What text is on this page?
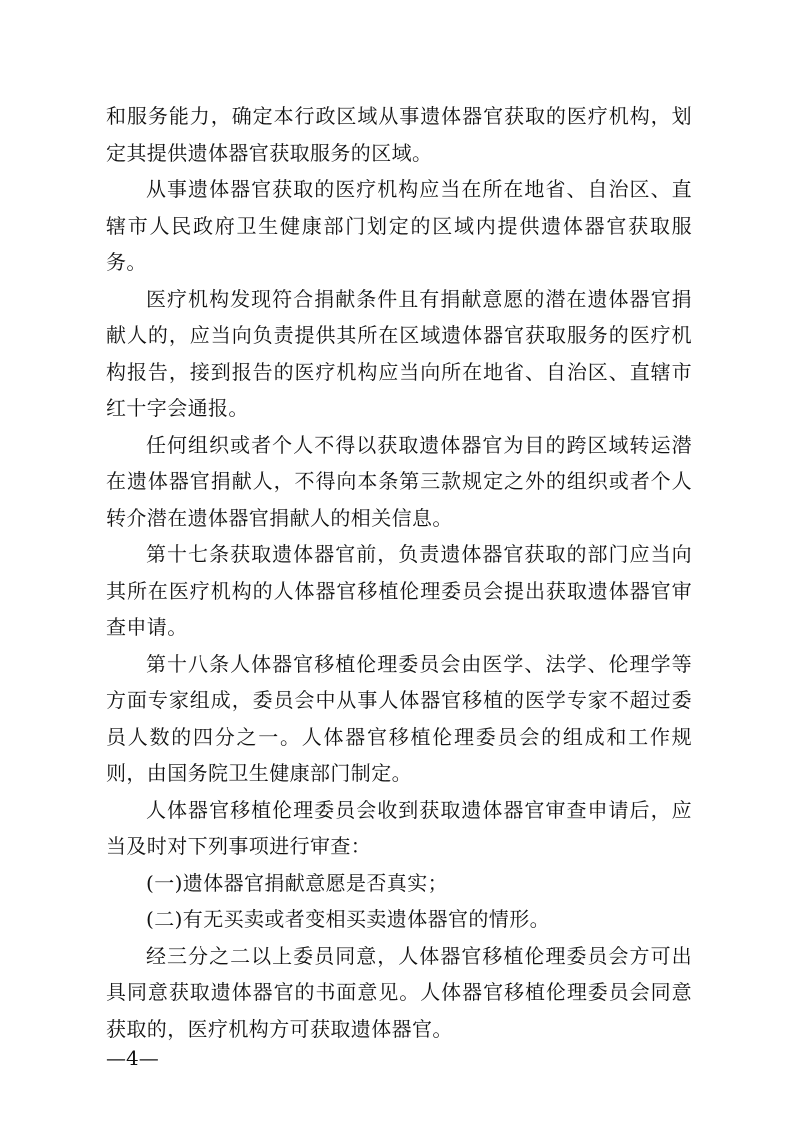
和服务能力，确定本行政区域从事遗体器官获取的医疗机构，划定其提供遗体器官获取服务的区域。

从事遗体器官获取的医疗机构应当在所在地省、自治区、直辖市人民政府卫生健康部门划定的区域内提供遗体器官获取服务。

医疗机构发现符合捐献条件且有捐献意愿的潜在遗体器官捐献人的，应当向负责提供其所在区域遗体器官获取服务的医疗机构报告，接到报告的医疗机构应当向所在地省、自治区、直辖市红十字会通报。

任何组织或者个人不得以获取遗体器官为目的跨区域转运潜在遗体器官捐献人，不得向本条第三款规定之外的组织或者个人转介潜在遗体器官捐献人的相关信息。

第十七条获取遗体器官前，负责遗体器官获取的部门应当向其所在医疗机构的人体器官移植伦理委员会提出获取遗体器官审查申请。

第十八条人体器官移植伦理委员会由医学、法学、伦理学等方面专家组成，委员会中从事人体器官移植的医学专家不超过委员人数的四分之一。人体器官移植伦理委员会的组成和工作规则，由国务院卫生健康部门制定。

人体器官移植伦理委员会收到获取遗体器官审查申请后，应当及时对下列事项进行审查：

(一)遗体器官捐献意愿是否真实；

(二)有无买卖或者变相买卖遗体器官的情形。

经三分之二以上委员同意，人体器官移植伦理委员会方可出具同意获取遗体器官的书面意见。人体器官移植伦理委员会同意获取的，医疗机构方可获取遗体器官。

—4—
